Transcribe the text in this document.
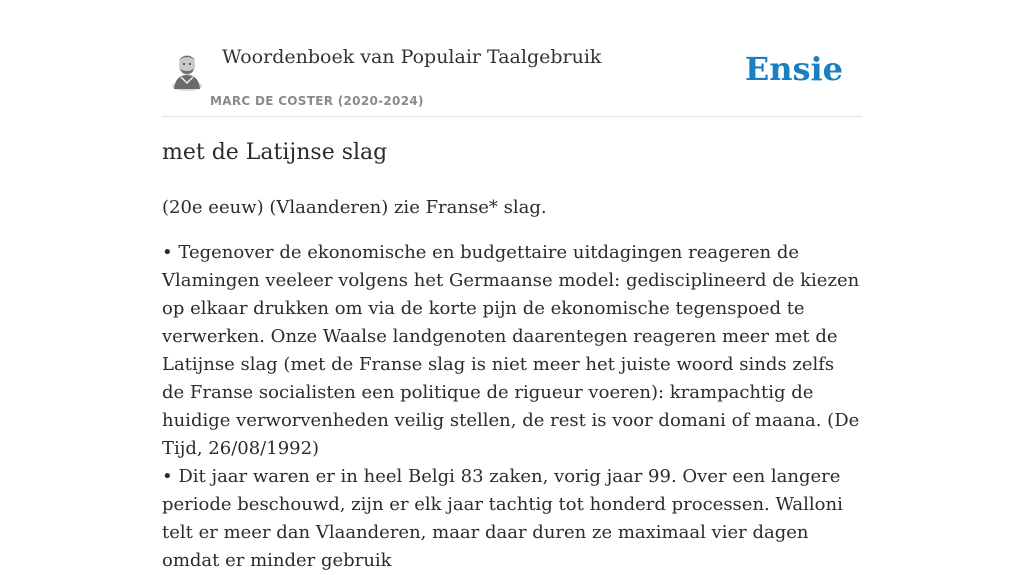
Woordenboek van Populair Taalgebruik
MARC DE COSTER (2020-2024)
Ensie
met de Latijnse slag

(20e eeuw) (Vlaanderen) zie Franse* slag.

• Tegenover de ekonomische en budgettaire uitdagingen reageren de Vlamingen veeleer volgens het Germaanse model: gedisciplineerd de kiezen op elkaar drukken om via de korte pijn de ekonomische tegenspoed te verwerken. Onze Waalse landgenoten daarentegen reageren meer met de Latijnse slag (met de Franse slag is niet meer het juiste woord sinds zelfs de Franse socialisten een politique de rigueur voeren): krampachtig de huidige verworvenheden veilig stellen, de rest is voor domani of maana. (De Tijd, 26/08/1992)

• Dit jaar waren er in heel Belgi 83 zaken, vorig jaar 99. Over een langere periode beschouwd, zijn er elk jaar tachtig tot honderd processen. Walloni telt er meer dan Vlaanderen, maar daar duren ze maximaal vier dagen omdat er minder gebruik
